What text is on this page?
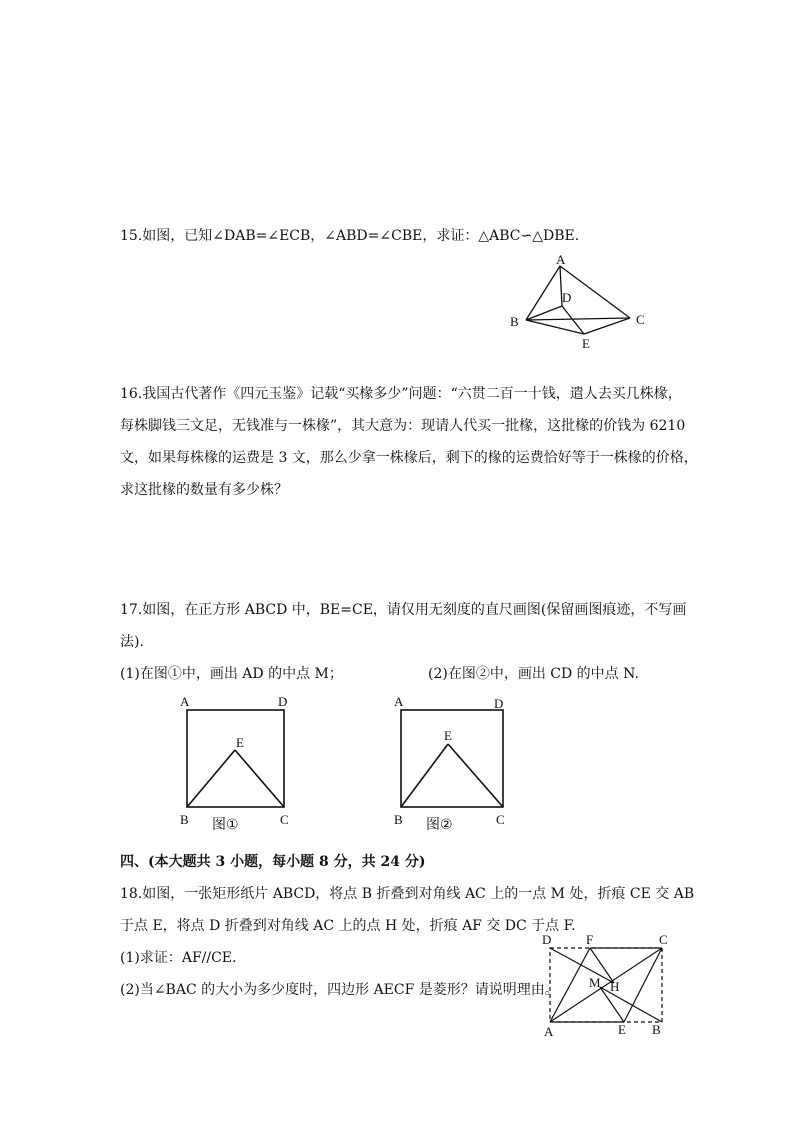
15.如图，已知∠DAB=∠ECB，∠ABD=∠CBE，求证：△ABC∽△DBE.
A
B	C
D
E
16.我国古代著作《四元玉鉴》记载“买椽多少”问题：“六贯二百一十钱，遣人去买几株椽，
每株脚钱三文足，无钱准与一株椽”，其大意为：现请人代买一批椽，这批椽的价钱为 6210
文，如果每株椽的运费是 3 文，那么少拿一株椽后，剩下的椽的运费恰好等于一株椽的价格，
求这批椽的数量有多少株？
17.如图，在正方形 ABCD 中，BE=CE，请仅用无刻度的直尺画图(保留画图痕迹，不写画
法).
(1)在图①中，画出 AD 的中点 M；	(2)在图②中，画出 CD 的中点 N.
A	D
E
B	C
图①
A	D
E
B	C
图②
四、(本大题共 3 小题，每小题 8 分，共 24 分)
18.如图，一张矩形纸片 ABCD，将点 B 折叠到对角线 AC 上的一点 M 处，折痕 CE 交 AB
于点 E，将点 D 折叠到对角线 AC 上的点 H 处，折痕 AF 交 DC 于点 F.
(1)求证：AF//CE.
(2)当∠BAC 的大小为多少度时，四边形 AECF 是菱形？请说明理由。
D	F	C
M H
A	E B
